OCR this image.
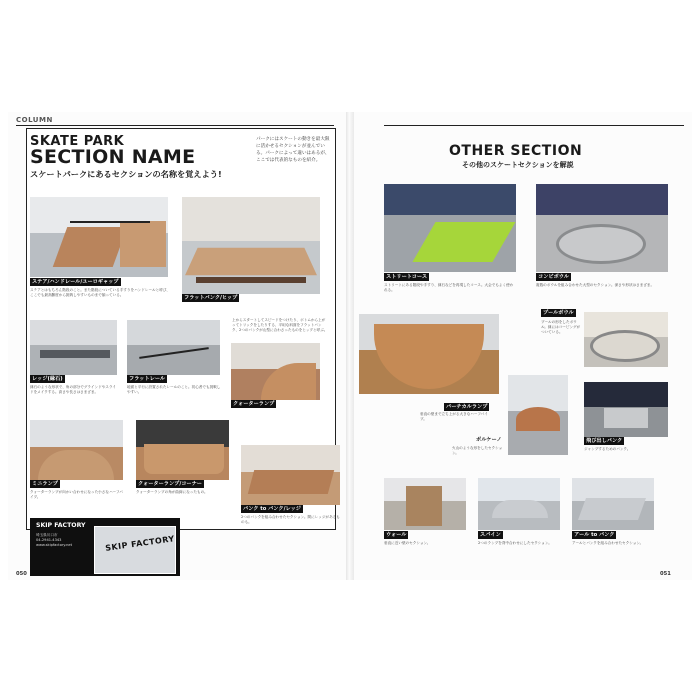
COLUMN
SKATE PARK
SECTION NAME
スケートパークにあるセクションの名称を覚えよう!
パークにはスケートの動きを最大限に活かせるセクションが並んでいる。パークによって違いはあるが、ここでは代表的なものを紹介。
ステア/ハンドレール/ユーロギャップ
ステアとはもちろん階段のこと。また階段についている手すりをハンドレールと呼び、ここでも最高難度から挑戦しやすいものまで揃っている。	フラットバンク/ヒップ
上からスタートしてスピードをつけたり、ボトムから上がってトリックをしたりする、平坦な斜面をフラットバンク、2つのバンクが山型に合わさったものをヒップと呼ぶ。
レッジ(縁石)
縁石のような形状で、角の部分でグラインドやスライドをメイクする。高さや長さはさまざま。
フラットレール
地面と平行に設置されたレールのこと。初心者でも挑戦しやすい。
クォーターランプ
ミニランプ
クォーターランプが向かい合わせになった小さなハーフパイプ。
クォーターランプ/コーナー
クォーターランプの角が曲線になったもの。
バンク to バンク/レッジ
2つのバンクを組み合わせたセクション。間にレッジがあるものも。
SKIP FACTORY
埼玉県川口市
04-2941-4343
www.skipfactory.net	SKIP FACTORY
050
OTHER SECTION
その他のスケートセクションを解説
ストリートコース
ストリートにある階段や手すり、縁石などを再現したコース。大会でもよく使われる。
コンビボウル
複数のボウルを組み合わせた大型のセクション。深さや形状はさまざま。
プールボウル
プールの形をしたボウル。縁にはコーピングがついている。
バーチカルランプ
垂直の壁まで立ち上がる大きなハーフパイプ。
ボルケーノ
火山のような形をしたセクション。
飛び出しバンク
ジャンプするためのバンク。
ウォール
垂直に近い壁のセクション。
スパイン
2つのランプを背中合わせにしたセクション。
アール to バンク
アールとバンクを組み合わせたセクション。
051
